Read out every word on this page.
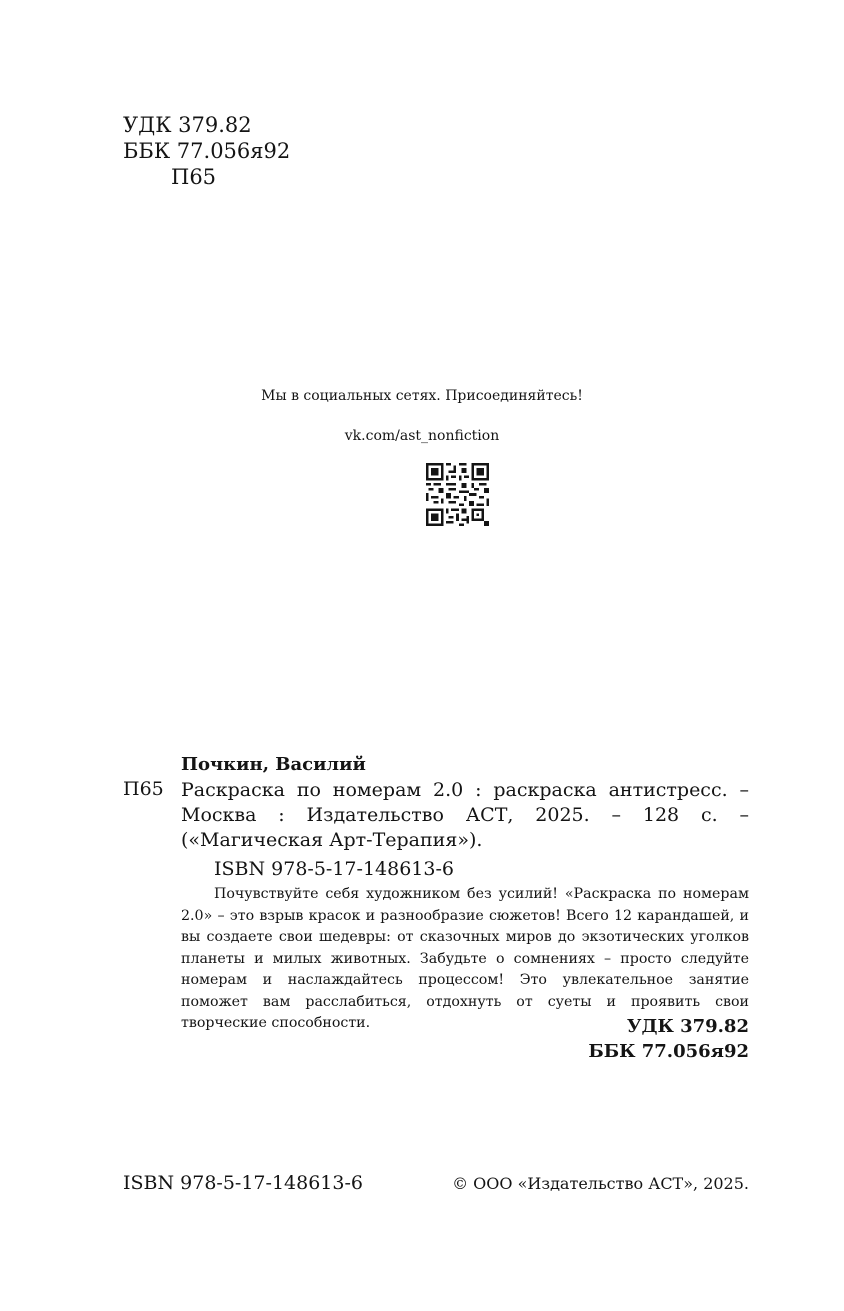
УДК 379.82
ББК 77.056я92
П65
Мы в социальных сетях. Присоединяйтесь!
vk.com/ast_nonfiction
Почкин, Василий
П65 Раскраска по номерам 2.0 : раскраска антистресс. – Москва : Издательство АСТ, 2025. – 128 с. – («Магическая Арт-Терапия»).
ISBN 978-5-17-148613-6
Почувствуйте себя художником без усилий! «Раскраска по номерам 2.0» – это взрыв красок и разнообразие сюжетов! Всего 12 карандашей, и вы создаете свои шедевры: от сказочных миров до экзотических уголков планеты и милых животных. Забудьте о сомнениях – просто следуйте номерам и наслаждайтесь процессом! Это увлекательное занятие поможет вам расслабиться, отдохнуть от суеты и проявить свои творческие способности.	УДК 379.82
ББК 77.056я92
ISBN 978-5-17-148613-6	© ООО «Издательство АСТ», 2025.
